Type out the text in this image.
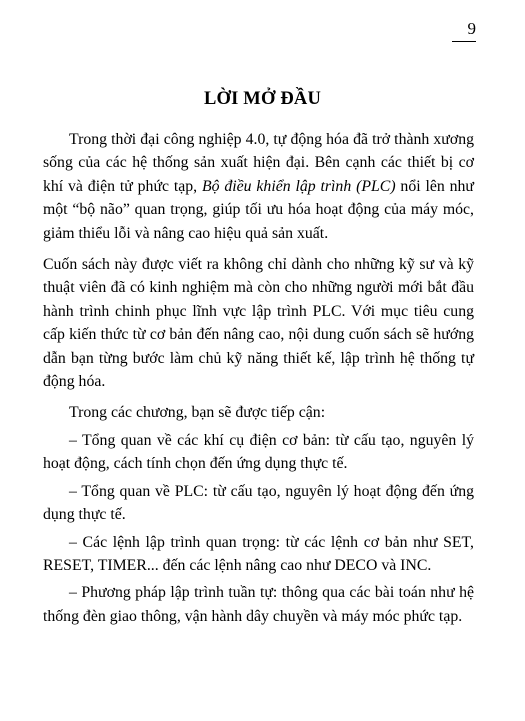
9
LỜI MỞ ĐẦU

Trong thời đại công nghiệp 4.0, tự động hóa đã trở thành xương sống của các hệ thống sản xuất hiện đại. Bên cạnh các thiết bị cơ khí và điện tử phức tạp, Bộ điều khiển lập trình (PLC) nổi lên như một “bộ não” quan trọng, giúp tối ưu hóa hoạt động của máy móc, giảm thiểu lỗi và nâng cao hiệu quả sản xuất.

Cuốn sách này được viết ra không chỉ dành cho những kỹ sư và kỹ thuật viên đã có kinh nghiệm mà còn cho những người mới bắt đầu hành trình chinh phục lĩnh vực lập trình PLC. Với mục tiêu cung cấp kiến thức từ cơ bản đến nâng cao, nội dung cuốn sách sẽ hướng dẫn bạn từng bước làm chủ kỹ năng thiết kế, lập trình hệ thống tự động hóa.

Trong các chương, bạn sẽ được tiếp cận:

– Tổng quan về các khí cụ điện cơ bản: từ cấu tạo, nguyên lý hoạt động, cách tính chọn đến ứng dụng thực tế.

– Tổng quan về PLC: từ cấu tạo, nguyên lý hoạt động đến ứng dụng thực tế.

– Các lệnh lập trình quan trọng: từ các lệnh cơ bản như SET, RESET, TIMER... đến các lệnh nâng cao như DECO và INC.

– Phương pháp lập trình tuần tự: thông qua các bài toán như hệ thống đèn giao thông, vận hành dây chuyền và máy móc phức tạp.
